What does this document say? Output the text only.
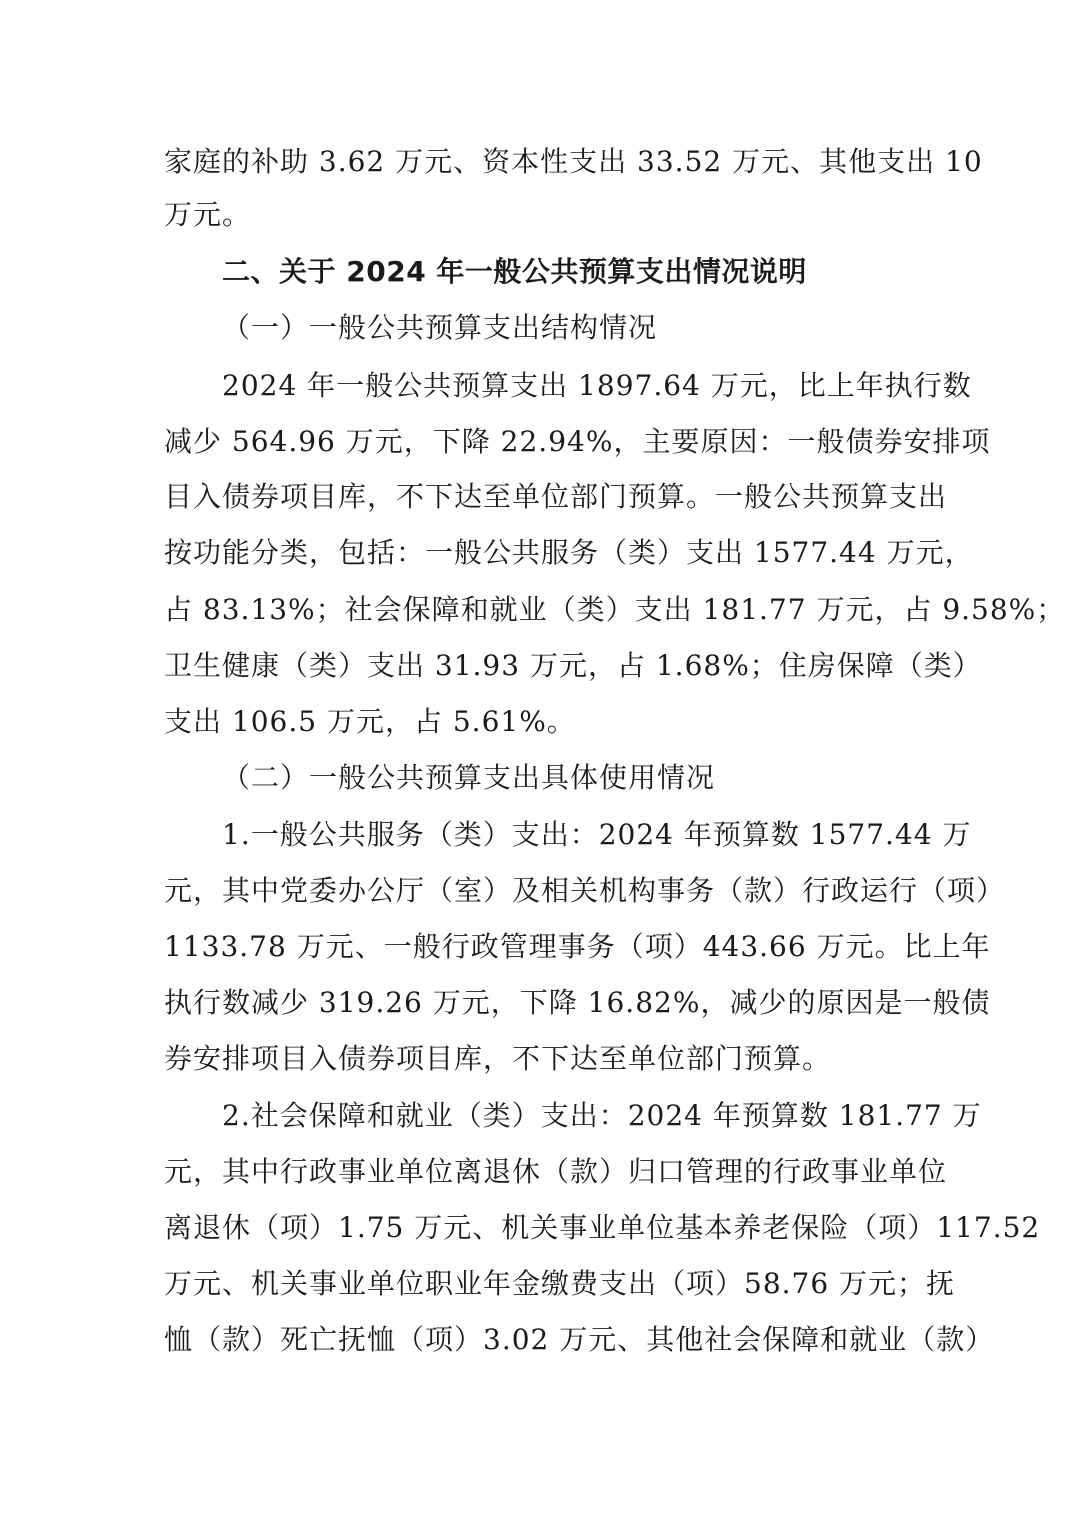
家庭的补助 3.62 万元、资本性支出 33.52 万元、其他支出 10
万元。
二、关于 2024 年一般公共预算支出情况说明
（一）一般公共预算支出结构情况
2024 年一般公共预算支出 1897.64 万元，比上年执行数
减少 564.96 万元，下降 22.94%，主要原因：一般债券安排项
目入债券项目库，不下达至单位部门预算。一般公共预算支出
按功能分类，包括：一般公共服务（类）支出 1577.44 万元，
占 83.13%；社会保障和就业（类）支出 181.77 万元，占 9.58%；
卫生健康（类）支出 31.93 万元，占 1.68%；住房保障（类）
支出 106.5 万元，占 5.61%。
（二）一般公共预算支出具体使用情况
1.一般公共服务（类）支出：2024 年预算数 1577.44 万
元，其中党委办公厅（室）及相关机构事务（款）行政运行（项）
1133.78 万元、一般行政管理事务（项）443.66 万元。比上年
执行数减少 319.26 万元，下降 16.82%，减少的原因是一般债
券安排项目入债券项目库，不下达至单位部门预算。
2.社会保障和就业（类）支出：2024 年预算数 181.77 万
元，其中行政事业单位离退休（款）归口管理的行政事业单位
离退休（项）1.75 万元、机关事业单位基本养老保险（项）117.52
万元、机关事业单位职业年金缴费支出（项）58.76 万元；抚
恤（款）死亡抚恤（项）3.02 万元、其他社会保障和就业（款）
